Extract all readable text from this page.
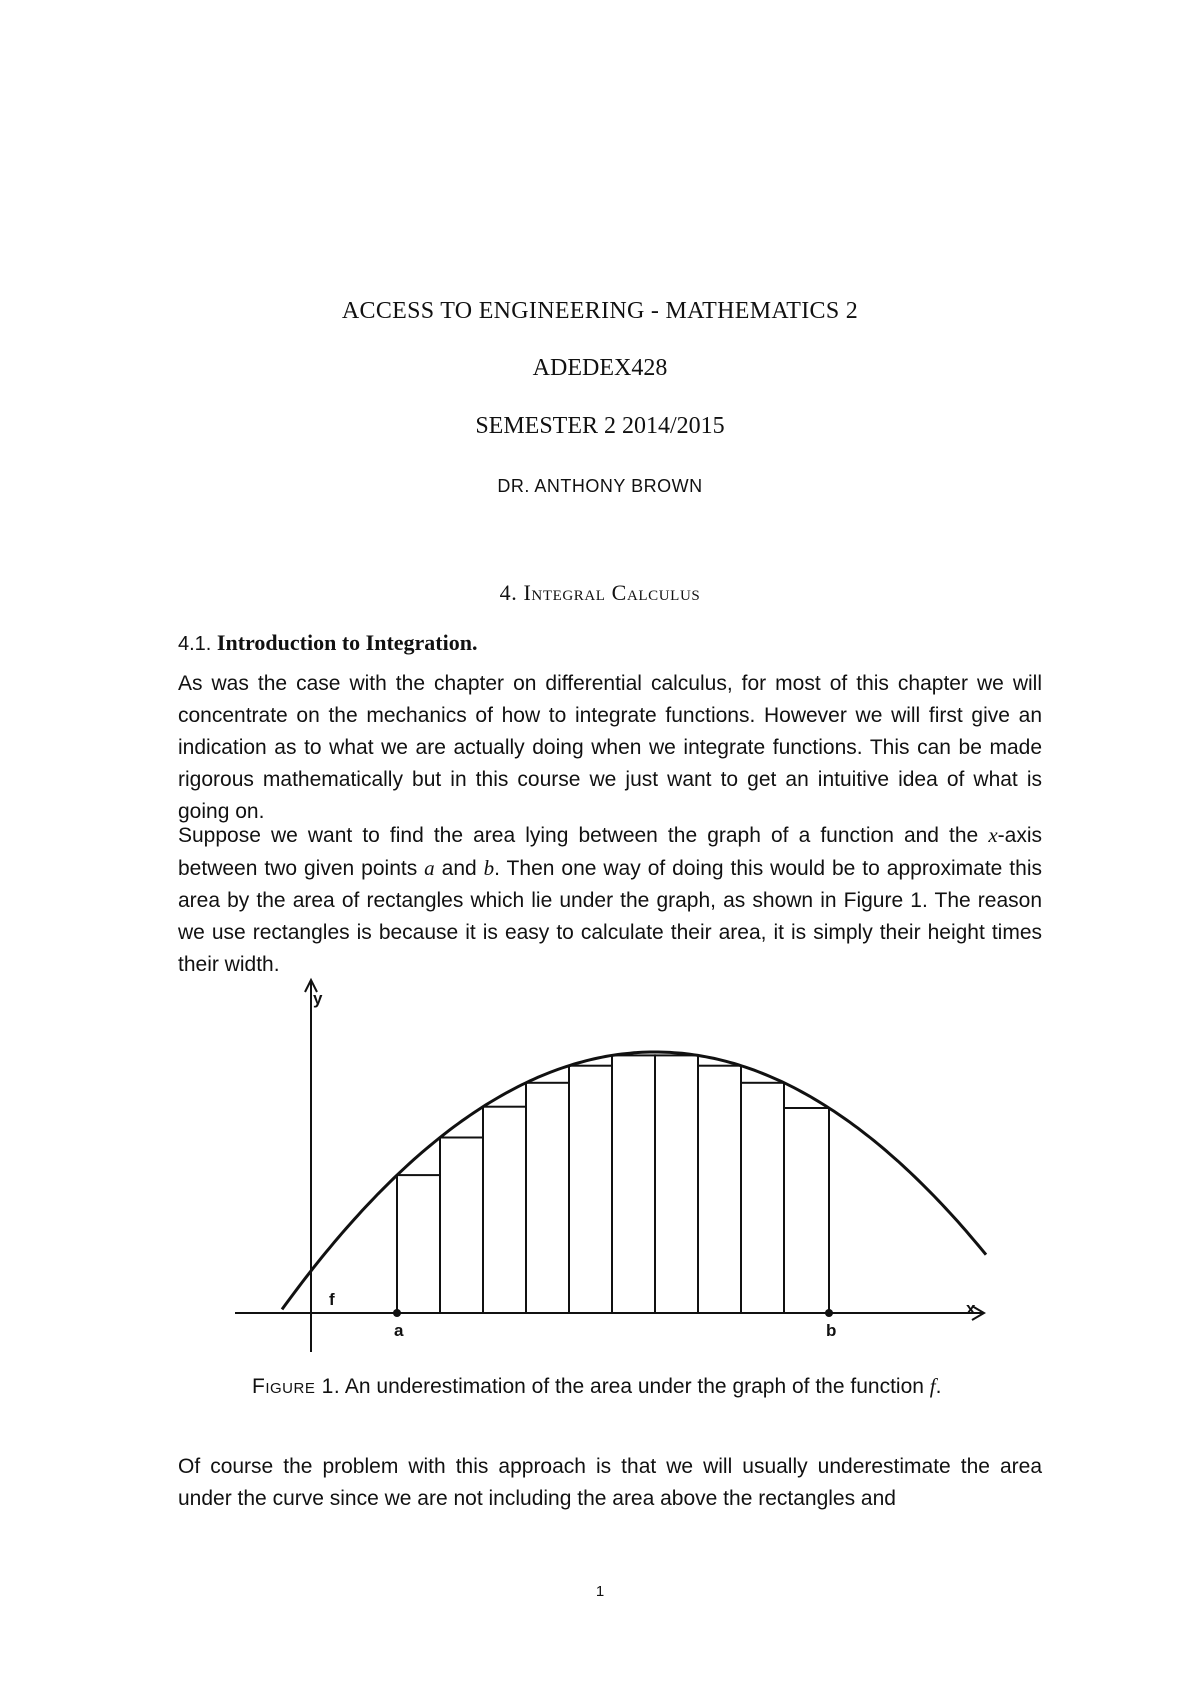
ACCESS TO ENGINEERING - MATHEMATICS 2
ADEDEX428
SEMESTER 2 2014/2015
DR. ANTHONY BROWN
4. Integral Calculus
4.1. Introduction to Integration.
As was the case with the chapter on differential calculus, for most of this chapter we will concentrate on the mechanics of how to integrate functions. However we will first give an indication as to what we are actually doing when we integrate functions. This can be made rigorous mathematically but in this course we just want to get an intuitive idea of what is going on.
Suppose we want to find the area lying between the graph of a function and the x-axis between two given points a and b. Then one way of doing this would be to approximate this area by the area of rectangles which lie under the graph, as shown in Figure 1. The reason we use rectangles is because it is easy to calculate their area, it is simply their height times their width.
y
x
f
a	b
Figure 1. An underestimation of the area under the graph of the function f.
Of course the problem with this approach is that we will usually underestimate the area under the curve since we are not including the area above the rectangles and
1
